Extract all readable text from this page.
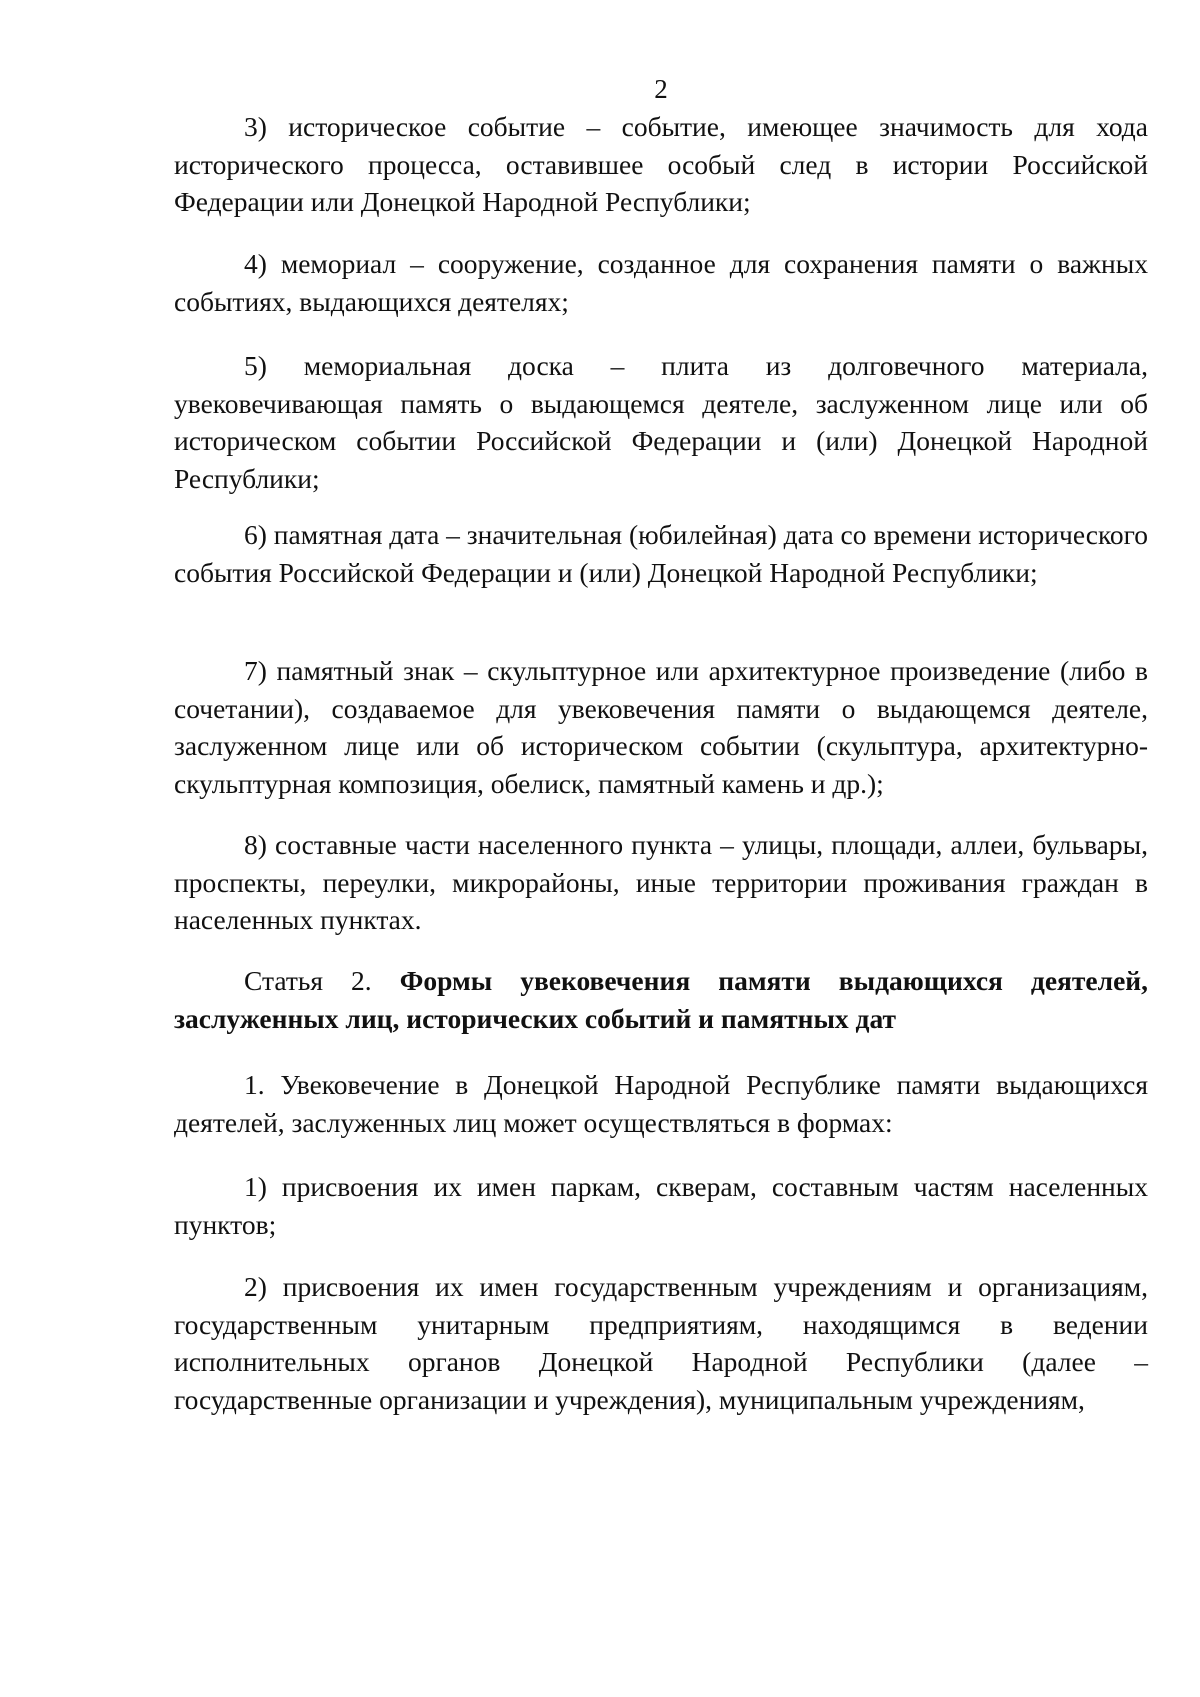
2

3) историческое событие – событие, имеющее значимость для хода исторического процесса, оставившее особый след в истории Российской Федерации или Донецкой Народной Республики;

4) мемориал – сооружение, созданное для сохранения памяти о важных событиях, выдающихся деятелях;

5) мемориальная доска – плита из долговечного материала, увековечивающая память о выдающемся деятеле, заслуженном лице или об историческом событии Российской Федерации и (или) Донецкой Народной Республики;

6) памятная дата – значительная (юбилейная) дата со времени исторического события Российской Федерации и (или) Донецкой Народной Республики;

7) памятный знак – скульптурное или архитектурное произведение (либо в сочетании), создаваемое для увековечения памяти о выдающемся деятеле, заслуженном лице или об историческом событии (скульптура, архитектурно-скульптурная композиция, обелиск, памятный камень и др.);

8) составные части населенного пункта – улицы, площади, аллеи, бульвары, проспекты, переулки, микрорайоны, иные территории проживания граждан в населенных пунктах.

Статья 2. Формы увековечения памяти выдающихся деятелей, заслуженных лиц, исторических событий и памятных дат

1. Увековечение в Донецкой Народной Республике памяти выдающихся деятелей, заслуженных лиц может осуществляться в формах:

1) присвоения их имен паркам, скверам, составным частям населенных пунктов;

2) присвоения их имен государственным учреждениям и организациям, государственным унитарным предприятиям, находящимся в ведении исполнительных органов Донецкой Народной Республики (далее – государственные организации и учреждения), муниципальным учреждениям,
